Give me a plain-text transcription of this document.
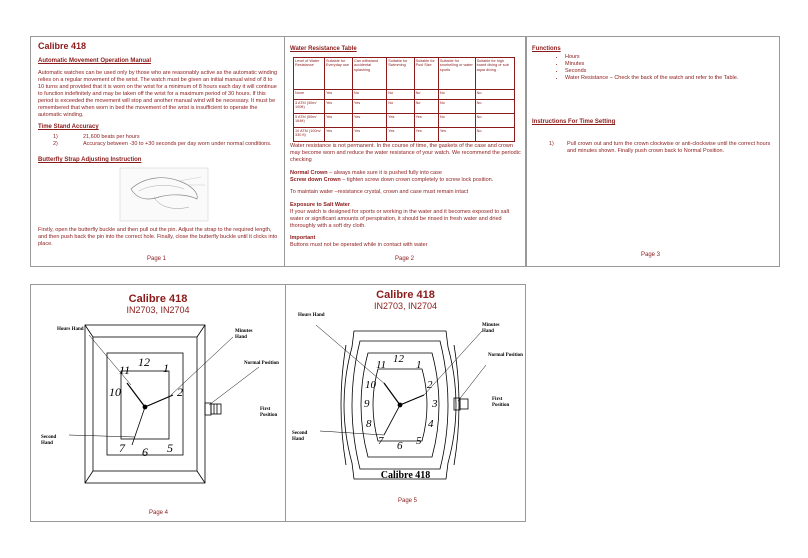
Calibre 418
Automatic Movement Operation Manual
Automatic watches can be used only by those who are reasonably active as the automatic winding relies on a regular movement of the wrist. The watch must be given an initial manual wind of 8 to 10 turns and provided that it is worn on the wrist for a minimum of 8 hours each day it will continue to function indefinitely and may be taken off the wrist for a maximum period of 30 hours. If this period is exceeded the movement will stop and another manual wind will be necessary. It must be remembered that when worn in bed the movement of the wrist is insufficient to operate the automatic winding.
Time Stand Accuracy
1)	21,600 beats per hours
2)	Accuracy between -30 to +30 seconds per day worn under normal conditions.
Butterfly Strap Adjusting Instruction
Firstly, open the butterfly buckle and then pull out the pin. Adjust the strap to the required length, and then push back the pin into the correct hole. Finally, close the butterfly buckle until it clicks into place.
Page 1
Water Resistance Table
Level of Water Resistance	Suitable for Everyday use	Can withstand accidental splashing	Suitable for Swimming	Suitable for Pool Size	Suitable for snorkelling or water sports	Suitable for high board diving or sub aqua diving
None	Yes	No	No	No	No	No
3 ATM (30m/ 100ft)	Yes	Yes	No	No	No	No
5 ATM (50m/ 164ft)	Yes	Yes	Yes	Yes	No	No
10 ATM (100m/ 330 ft)	Yes	Yes	Yes	Yes	Yes	No
Water resistance is not permanent. In the course of time, the gaskets of the case and crown may become worn and reduce the water resistance of your watch. We recommend the periodic checking
Normal Crown – always make sure it is pushed fully into case
Screw down Crown – tighten screw down crown completely to screw lock position.
To maintain water –resistance crystal, crown and case must remain intact
Exposure to Salt Water
If your watch is designed for sports or working in the water and it becomes exposed to salt water or significant amounts of perspiration, it should be rinsed in fresh water and dried thoroughly with a soft dry cloth.
Important
Buttons must not be operated while in contact with water
Page 2
Functions
• Hours
• Minutes
• Seconds
• Water Resistance – Check the back of the watch and refer to the Table.
Instructions For Time Setting
1) Pull crown out and turn the crown clockwise or anti-clockwise until the correct hours and minutes shown. Finally push crown back to Normal Position.
Page 3
Calibre 418
IN2703, IN2704
Hours Hand	Minutes Hand
Normal Position
First Position
Second Hand
11
12 1
10	2
7 6 5
Page 4
Calibre 418
IN2703, IN2704
Hours Hand
Minutes Hand
Normal Position
First Position
Second Hand
11 12 1
10	2
9	3
8	4
7 6 5
Calibre 418
Page 5
